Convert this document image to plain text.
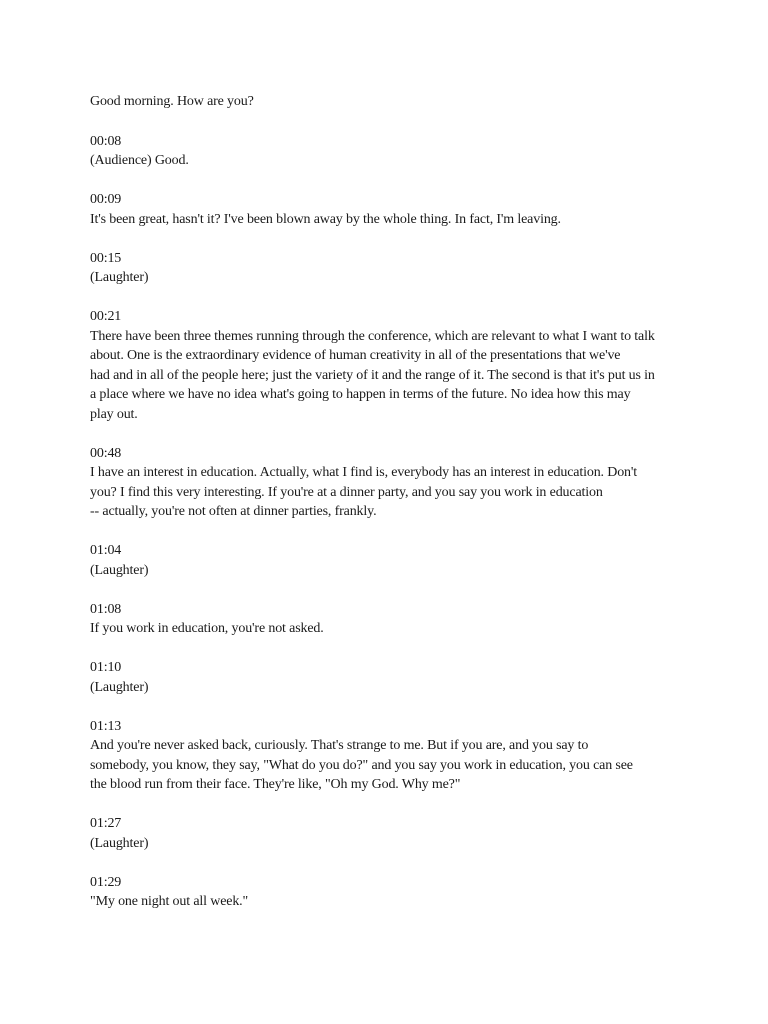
Good morning. How are you?
00:08
(Audience) Good.
00:09
It's been great, hasn't it? I've been blown away by the whole thing. In fact, I'm leaving.
00:15
(Laughter)
00:21
There have been three themes running through the conference, which are relevant to what I want to talk
about. One is the extraordinary evidence of human creativity in all of the presentations that we've
had and in all of the people here; just the variety of it and the range of it. The second is that it's put us in
a place where we have no idea what's going to happen in terms of the future. No idea how this may
play out.
00:48
I have an interest in education. Actually, what I find is, everybody has an interest in education. Don't
you? I find this very interesting. If you're at a dinner party, and you say you work in education
-- actually, you're not often at dinner parties, frankly.
01:04
(Laughter)
01:08
If you work in education, you're not asked.
01:10
(Laughter)
01:13
And you're never asked back, curiously. That's strange to me. But if you are, and you say to
somebody, you know, they say, "What do you do?" and you say you work in education, you can see
the blood run from their face. They're like, "Oh my God. Why me?"
01:27
(Laughter)
01:29
"My one night out all week."
